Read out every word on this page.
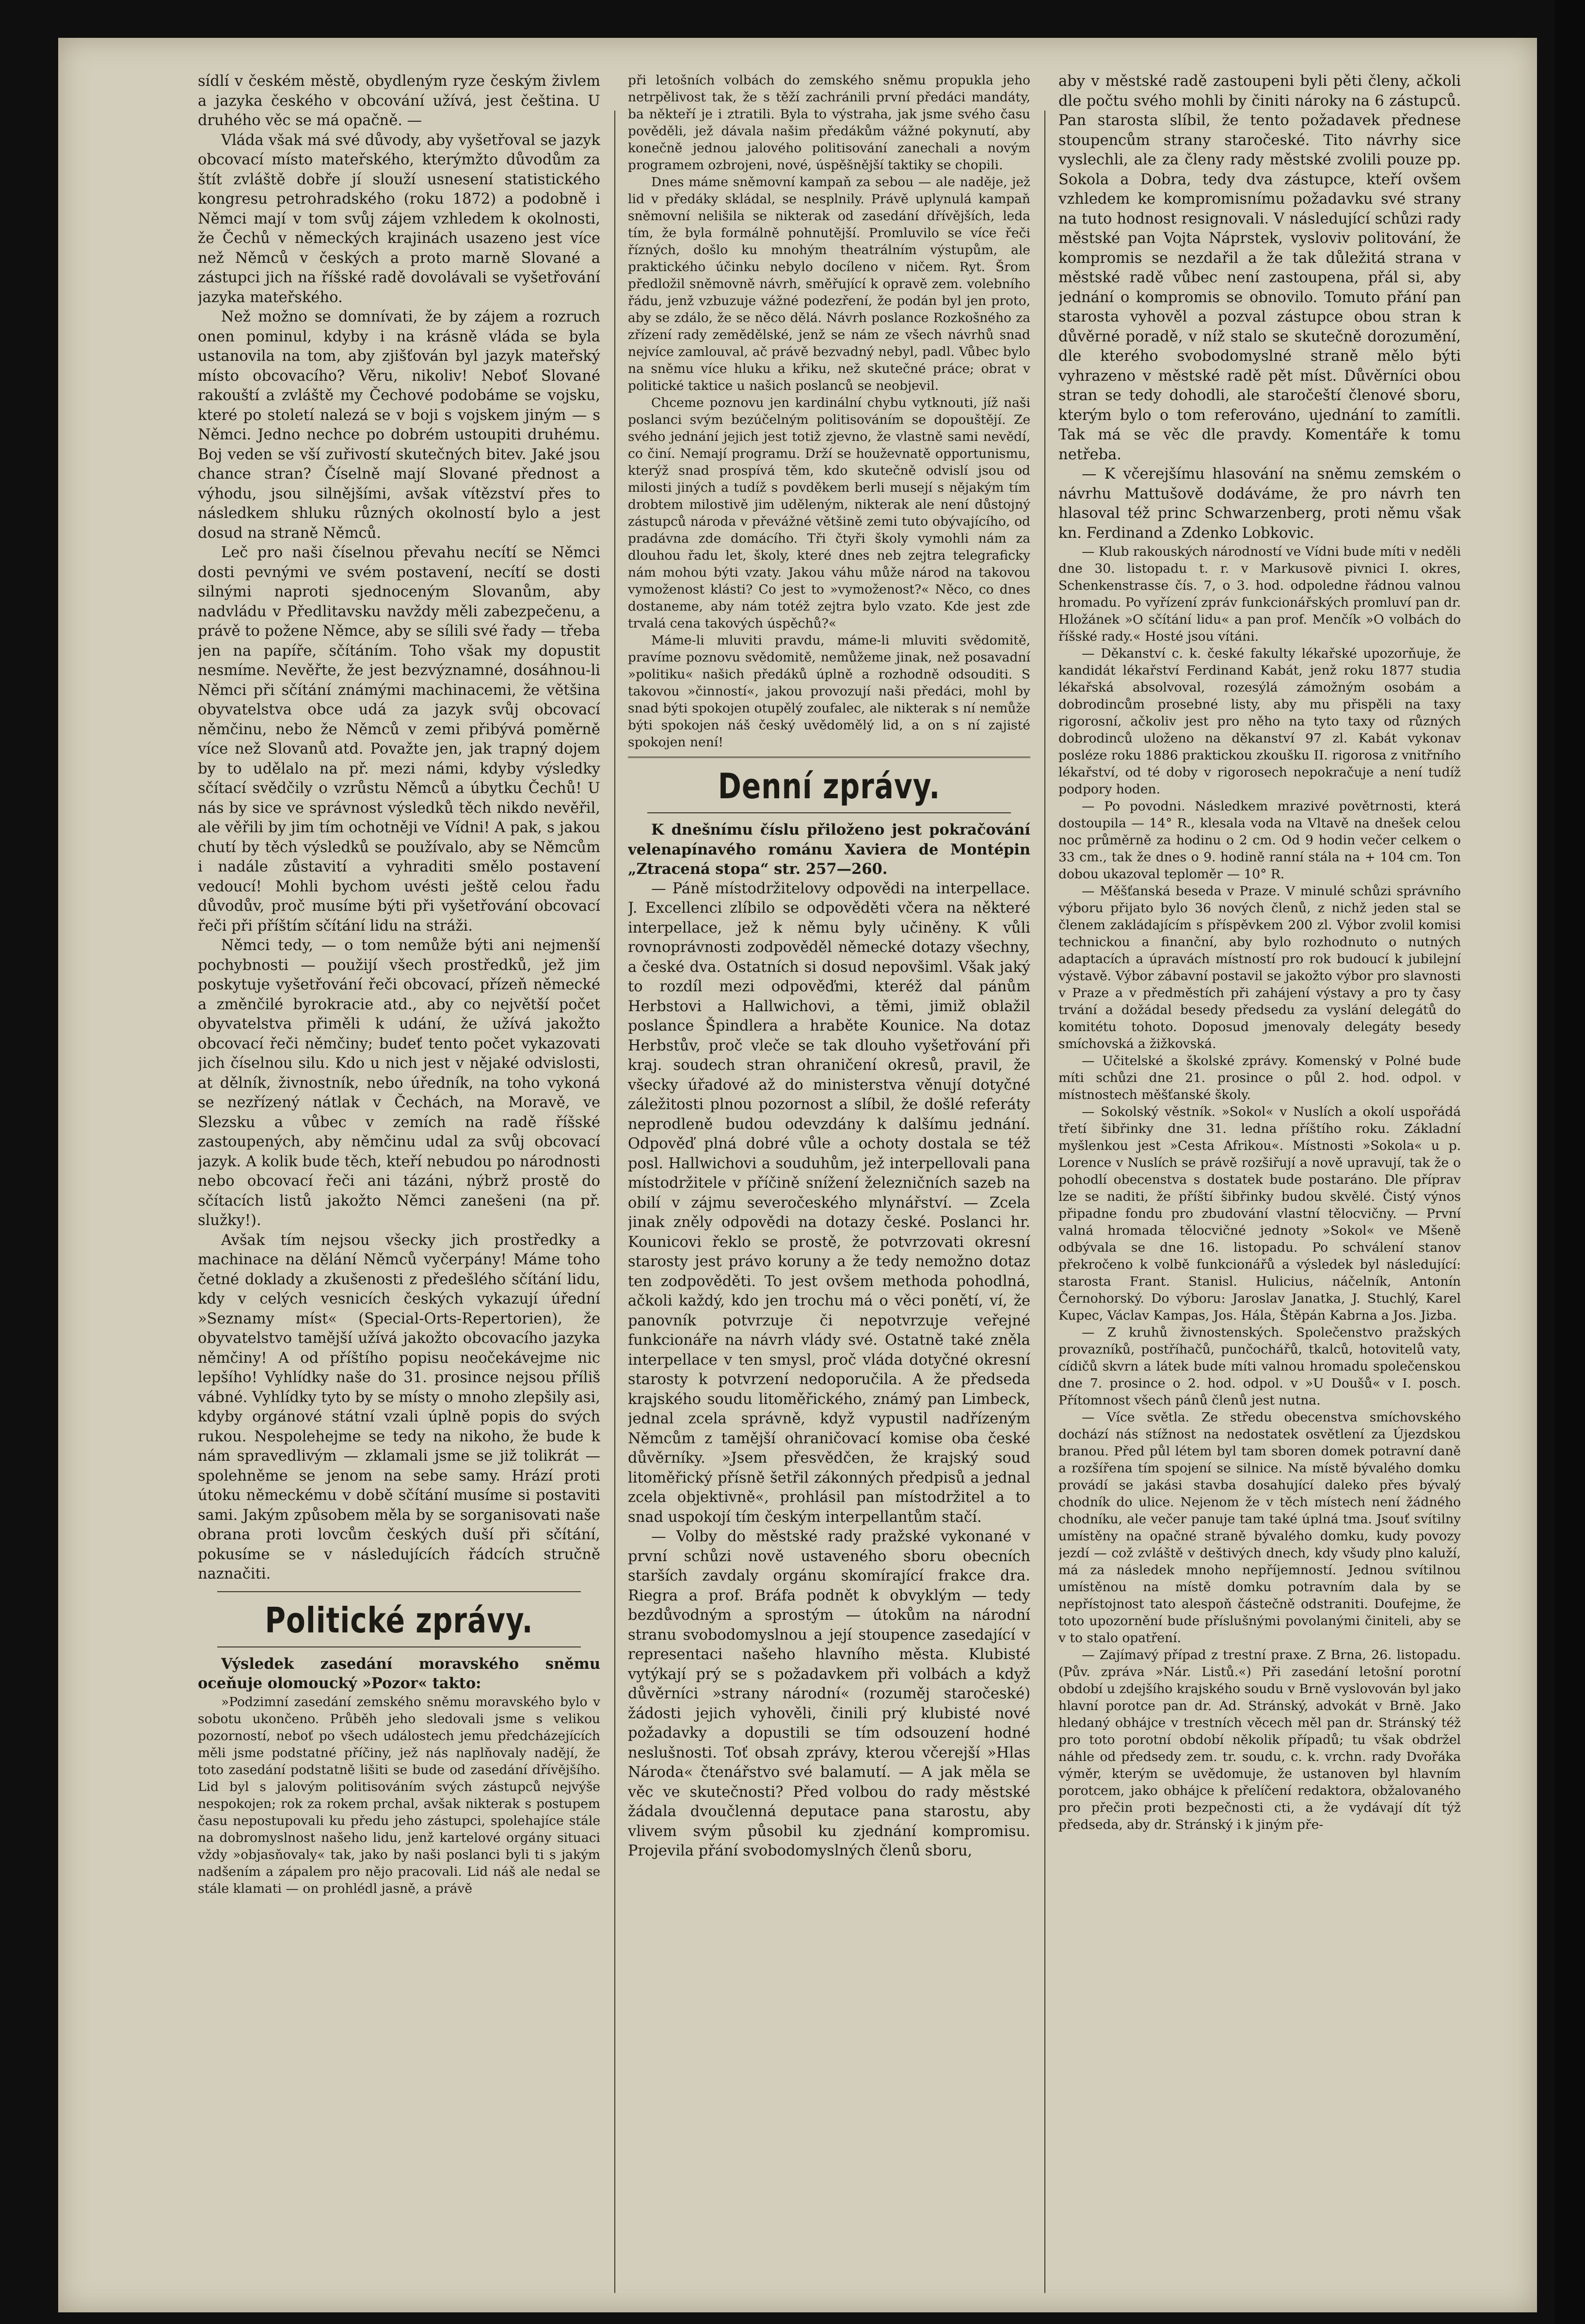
sídlí v českém městě, obydleným ryze českým živlem a jazyka českého v obcování užívá, jest čeština. U druhého věc se má opačně. —

Vláda však má své důvody, aby vyšetřoval se jazyk obcovací místo mateřského, kterýmžto důvodům za štít zvláště dobře jí slouží usnesení statistického kongresu petrohradského (roku 1872) a podobně i Němci mají v tom svůj zájem vzhledem k okolnosti, že Čechů v německých krajinách usazeno jest více než Němců v českých a proto marně Slované a zástupci jich na říšské radě dovolávali se vyšetřování jazyka mateřského.

Než možno se domnívati, že by zájem a rozruch onen pominul, kdyby i na krásně vláda se byla ustanovila na tom, aby zjišťován byl jazyk mateřský místo obcovacího? Věru, nikoliv! Neboť Slované rakouští a zvláště my Čechové podobáme se vojsku, které po století nalezá se v boji s vojskem jiným — s Němci. Jedno nechce po dobrém ustoupiti druhému. Boj veden se vší zuřivostí skutečných bitev. Jaké jsou chance stran? Číselně mají Slované přednost a výhodu, jsou silnějšími, avšak vítězství přes to následkem shluku různých okolností bylo a jest dosud na straně Němců.

Leč pro naši číselnou převahu necítí se Němci dosti pevnými ve svém postavení, necítí se dosti silnými naproti sjednoceným Slovanům, aby nadvládu v Předlitavsku navždy měli zabezpečenu, a právě to požene Němce, aby se sílili své řady — třeba jen na papíře, sčítáním. Toho však my dopustit nesmíme. Nevěřte, že jest bezvýznamné, dosáhnou-li Němci při sčítání známými machinacemi, že většina obyvatelstva obce udá za jazyk svůj obcovací němčinu, nebo že Němců v zemi přibývá poměrně více než Slovanů atd. Považte jen, jak trapný dojem by to udělalo na př. mezi námi, kdyby výsledky sčítací svědčily o vzrůstu Němců a úbytku Čechů! U nás by sice ve správnost výsledků těch nikdo nevěřil, ale věřili by jim tím ochotněji ve Vídni! A pak, s jakou chutí by těch výsledků se používalo, aby se Němcům i nadále zůstavití a vyhraditi smělo postavení vedoucí! Mohli bychom uvésti ještě celou řadu důvodův, proč musíme býti při vyšetřování obcovací řeči při příštím sčítání lidu na stráži.

Němci tedy, — o tom nemůže býti ani nejmenší pochybnosti — použijí všech prostředků, jež jim poskytuje vyšetřování řeči obcovací, přízeň německé a změnčilé byrokracie atd., aby co největší počet obyvatelstva přiměli k udání, že užívá jakožto obcovací řeči němčiny; budeť tento počet vykazovati jich číselnou silu. Kdo u nich jest v nějaké odvislosti, at dělník, živnostník, nebo úředník, na toho vykoná se nezřízený nátlak v Čechách, na Moravě, ve Slezsku a vůbec v zemích na radě říšské zastoupených, aby němčinu udal za svůj obcovací jazyk. A kolik bude těch, kteří nebudou po národnosti nebo obcovací řeči ani tázáni, nýbrž prostě do sčítacích listů jakožto Němci zanešeni (na př. služky!).

Avšak tím nejsou všecky jich prostředky a machinace na dělání Němců vyčerpány! Máme toho četné doklady a zkušenosti z předešlého sčítání lidu, kdy v celých vesnicích českých vykazují úřední »Seznamy míst« (Special-Orts-Repertorien), že obyvatelstvo tamější užívá jakožto obcovacího jazyka němčiny! A od příštího popisu neočekávejme nic lepšího! Vyhlídky naše do 31. prosince nejsou příliš vábné. Vyhlídky tyto by se místy o mnoho zlepšily asi, kdyby orgánové státní vzali úplně popis do svých rukou. Nespolehejme se tedy na nikoho, že bude k nám spravedlivým — zklamali jsme se již tolikrát — spolehněme se jenom na sebe samy. Hrází proti útoku německému v době sčítání musíme si postaviti sami. Jakým způsobem měla by se sorganisovati naše obrana proti lovcům českých duší při sčítání, pokusíme se v následujících řádcích stručně naznačiti.

Politické zprávy.

Výsledek zasedání moravského sněmu oceňuje olomoucký »Pozor« takto:

»Podzimní zasedání zemského sněmu moravského bylo v sobotu ukončeno. Průběh jeho sledovali jsme s velikou pozorností, neboť po všech událostech jemu předcházejících měli jsme podstatné příčiny, jež nás naplňovaly nadějí, že toto zasedání podstatně lišiti se bude od zasedání dřívějšího. Lid byl s jalovým politisováním svých zástupců nejvýše nespokojen; rok za rokem prchal, avšak nikterak s postupem času nepostupovali ku předu jeho zástupci, spolehajíce stále na dobromyslnost našeho lidu, jenž kartelové orgány situaci vždy »objasňovaly« tak, jako by naši poslanci byli ti s jakým nadšením a zápalem pro nějo pracovali. Lid náš ale nedal se stále klamati — on prohlédl jasně, a právě

při letošních volbách do zemského sněmu propukla jeho netrpělivost tak, že s těží zachránili první předáci mandáty, ba někteří je i ztratili. Byla to výstraha, jak jsme svého času pověděli, jež dávala našim předákům vážné pokynutí, aby konečně jednou jalového politisování zanechali a novým programem ozbrojeni, nové, úspěšnější taktiky se chopili.

Dnes máme sněmovní kampaň za sebou — ale naděje, jež lid v předáky skládal, se nesplnily. Právě uplynulá kampaň sněmovní nelišila se nikterak od zasedání dřívějších, leda tím, že byla formálně pohnutější. Promluvilo se více řeči řízných, došlo ku mnohým theatrálním výstupům, ale praktického účinku nebylo docíleno v ničem. Ryt. Šrom předložil sněmovně návrh, směřující k opravě zem. volebního řádu, jenž vzbuzuje vážné podezření, že podán byl jen proto, aby se zdálo, že se něco dělá. Návrh poslance Rozkošného za zřízení rady zemědělské, jenž se nám ze všech návrhů snad nejvíce zamlouval, ač právě bezvadný nebyl, padl. Vůbec bylo na sněmu více hluku a křiku, než skutečné práce; obrat v politické taktice u našich poslanců se neobjevil.

Chceme poznovu jen kardinální chybu vytknouti, jíž naši poslanci svým bezúčelným politisováním se dopouštějí. Ze svého jednání jejich jest totiž zjevno, že vlastně sami nevědí, co činí. Nemají programu. Drží se houževnatě opportunismu, kterýž snad prospívá těm, kdo skutečně odvislí jsou od milosti jiných a tudíž s povděkem berli musejí s nějakým tím drobtem milostivě jim uděleným, nikterak ale není důstojný zástupců národa v převážné většině zemi tuto obývajícího, od pradávna zde domácího. Tři čtyři školy vymohli nám za dlouhou řadu let, školy, které dnes neb zejtra telegraficky nám mohou býti vzaty. Jakou váhu může národ na takovou vymoženost klásti? Co jest to »vymoženost?« Něco, co dnes dostaneme, aby nám totéž zejtra bylo vzato. Kde jest zde trvalá cena takových úspěchů?«

Máme-li mluviti pravdu, máme-li mluviti svědomitě, pravíme poznovu svědomitě, nemůžeme jinak, než posavadní »politiku« našich předáků úplně a rozhodně odsouditi. S takovou »činností«, jakou provozují naši předáci, mohl by snad býti spokojen otupělý zoufalec, ale nikterak s ní nemůže býti spokojen náš český uvědomělý lid, a on s ní zajisté spokojen není!

Denní zprávy.

K dnešnímu číslu přiloženo jest pokračování velenapínavého románu Xaviera de Montépin „Ztracená stopa“ str. 257—260.

— Páně místodržitelovy odpovědi na interpellace. J. Excellenci zlíbilo se odpověděti včera na některé interpellace, jež k němu byly učiněny. K vůli rovnoprávnosti zodpověděl německé dotazy všechny, a české dva. Ostatních si dosud nepovšiml. Však jaký to rozdíl mezi odpověďmi, kteréž dal pánům Herbstovi a Hallwichovi, a těmi, jimiž oblažil poslance Špindlera a hraběte Kounice. Na dotaz Herbstův, proč vleče se tak dlouho vyšetřování při kraj. soudech stran ohraničení okresů, pravil, že všecky úřadové až do ministerstva věnují dotyčné záležitosti plnou pozornost a slíbil, že došlé referáty neprodleně budou odevzdány k dalšímu jednání. Odpověď plná dobré vůle a ochoty dostala se též posl. Hallwichovi a souduhům, jež interpellovali pana místodržitele v příčině snížení železničních sazeb na obilí v zájmu severočeského mlynářství. — Zcela jinak zněly odpovědi na dotazy české. Poslanci hr. Kounicovi řeklo se prostě, že potvrzovati okresní starosty jest právo koruny a že tedy nemožno dotaz ten zodpověděti. To jest ovšem methoda pohodlná, ačkoli každý, kdo jen trochu má o věci ponětí, ví, že panovník potvrzuje či nepotvrzuje veřejné funkcionáře na návrh vlády své. Ostatně také zněla interpellace v ten smysl, proč vláda dotyčné okresní starosty k potvrzení nedoporučila. A že předseda krajského soudu litoměřického, známý pan Limbeck, jednal zcela správně, když vypustil nadřízeným Němcům z tamější ohraničovací komise oba české důvěrníky. »Jsem přesvědčen, že krajský soud litoměřický přísně šetřil zákonných předpisů a jednal zcela objektivně«, prohlásil pan místodržitel a to snad uspokojí tím českým interpellantům stačí.

— Volby do městské rady pražské vykonané v první schůzi nově ustaveného sboru obecních starších zavdaly orgánu skomírající frakce dra. Riegra a prof. Bráfa podnět k obvyklým — tedy bezdůvodným a sprostým — útokům na národní stranu svobodomyslnou a její stoupence zasedající v representaci našeho hlavního města. Klubisté vytýkají prý se s požadavkem při volbách a když důvěrníci »strany národní« (rozuměj staročeské) žádosti jejich vyhověli, činili prý klubisté nové požadavky a dopustili se tím odsouzení hodné neslušnosti. Toť obsah zprávy, kterou včerejší »Hlas Národa« čtenářstvo své balamutí. — A jak měla se věc ve skutečnosti? Před volbou do rady městské žádala dvoučlenná deputace pana starostu, aby vlivem svým působil ku zjednání kompromisu. Projevila přání svobodomyslných členů sboru,

aby v městské radě zastoupeni byli pěti členy, ačkoli dle počtu svého mohli by činiti nároky na 6 zástupců. Pan starosta slíbil, že tento požadavek přednese stoupencům strany staročeské. Tito návrhy sice vyslechli, ale za členy rady městské zvolili pouze pp. Sokola a Dobra, tedy dva zástupce, kteří ovšem vzhledem ke kompromisnímu požadavku své strany na tuto hodnost resignovali. V následující schůzi rady městské pan Vojta Náprstek, vysloviv politování, že kompromis se nezdařil a že tak důležitá strana v městské radě vůbec není zastoupena, přál si, aby jednání o kompromis se obnovilo. Tomuto přání pan starosta vyhověl a pozval zástupce obou stran k důvěrné poradě, v níž stalo se skutečně dorozumění, dle kterého svobodomyslné straně mělo býti vyhrazeno v městské radě pět míst. Důvěrníci obou stran se tedy dohodli, ale staročeští členové sboru, kterým bylo o tom referováno, ujednání to zamítli. Tak má se věc dle pravdy. Komentáře k tomu netřeba.

— K včerejšímu hlasování na sněmu zemském o návrhu Mattušově dodáváme, že pro návrh ten hlasoval též princ Schwarzenberg, proti němu však kn. Ferdinand a Zdenko Lobkovic.

— Klub rakouských národností ve Vídni bude míti v neděli dne 30. listopadu t. r. v Markusově pivnici I. okres, Schenkenstrasse čís. 7, o 3. hod. odpoledne řádnou valnou hromadu. Po vyřízení zpráv funkcionářských promluví pan dr. Hložánek »O sčítání lidu« a pan prof. Menčík »O volbách do říšské rady.« Hosté jsou vítáni.

— Děkanství c. k. české fakulty lékařské upozorňuje, že kandidát lékařství Ferdinand Kabát, jenž roku 1877 studia lékařská absolvoval, rozesýlá zámožným osobám a dobrodincům prosebné listy, aby mu přispěli na taxy rigorosní, ačkoliv jest pro něho na tyto taxy od různých dobrodinců uloženo na děkanství 97 zl. Kabát vykonav posléze roku 1886 praktickou zkoušku II. rigorosa z vnitřního lékařství, od té doby v rigorosech nepokračuje a není tudíž podpory hoden.

— Po povodni. Následkem mrazivé povětrnosti, která dostoupila — 14° R., klesala voda na Vltavě na dnešek celou noc průměrně za hodinu o 2 cm. Od 9 hodin večer celkem o 33 cm., tak že dnes o 9. hodině ranní stála na + 104 cm. Ton dobou ukazoval teploměr — 10° R.

— Měšťanská beseda v Praze. V minulé schůzi správního výboru přijato bylo 36 nových členů, z nichž jeden stal se členem zakládajícím s příspěvkem 200 zl. Výbor zvolil komisi technickou a finanční, aby bylo rozhodnuto o nutných adaptacích a úpravách místností pro rok budoucí k jubilejní výstavě. Výbor zábavní postavil se jakožto výbor pro slavnosti v Praze a v předměstích při zahájení výstavy a pro ty časy trvání a dožádal besedy předsedu za vyslání delegátů do komitétu tohoto. Doposud jmenovaly delegáty besedy smíchovská a žižkovská.

— Učitelské a školské zprávy. Komenský v Polné bude míti schůzi dne 21. prosince o půl 2. hod. odpol. v místnostech měšťanské školy.

— Sokolský věstník. »Sokol« v Nuslích a okolí uspořádá třetí šibřinky dne 31. ledna příštího roku. Základní myšlenkou jest »Cesta Afrikou«. Místnosti »Sokola« u p. Lorence v Nuslích se právě rozšiřují a nově upravují, tak že o pohodlí obecenstva s dostatek bude postaráno. Dle příprav lze se naditi, že příští šibřinky budou skvělé. Čistý výnos připadne fondu pro zbudování vlastní tělocvičny. — První valná hromada tělocvičné jednoty »Sokol« ve Mšeně odbývala se dne 16. listopadu. Po schválení stanov překročeno k volbě funkcionářů a výsledek byl následující: starosta Frant. Stanisl. Hulicius, náčelník, Antonín Černohorský. Do výboru: Jaroslav Janatka, J. Stuchlý, Karel Kupec, Václav Kampas, Jos. Hála, Štěpán Kabrna a Jos. Jizba.

— Z kruhů živnostenských. Společenstvo pražských provazníků, postříhačů, punčochářů, tkalců, hotovitelů vaty, cídičů skvrn a látek bude míti valnou hromadu společenskou dne 7. prosince o 2. hod. odpol. v »U Doušů« v I. posch. Přítomnost všech pánů členů jest nutna.

— Více světla. Ze středu obecenstva smíchovského dochází nás stížnost na nedostatek osvětlení za Újezdskou branou. Před půl létem byl tam sboren domek potravní daně a rozšířena tím spojení se silnice. Na místě bývalého domku provádí se jakási stavba dosahující daleko přes bývalý chodník do ulice. Nejenom že v těch místech není žádného chodníku, ale večer panuje tam také úplná tma. Jsouť svítilny umístěny na opačné straně bývalého domku, kudy povozy jezdí — což zvláště v deštivých dnech, kdy všudy plno kaluží, má za následek mnoho nepříjemností. Jednou svítilnou umístěnou na místě domku potravním dala by se nepřístojnost tato alespoň částečně odstraniti. Doufejme, že toto upozornění bude příslušnými povolanými činiteli, aby se v to stalo opatření.

— Zajímavý případ z trestní praxe. Z Brna, 26. listopadu. (Pův. zpráva »Nár. Listů.«) Při zasedání letošní porotní období u zdejšího krajského soudu v Brně vyslovován byl jako hlavní porotce pan dr. Ad. Stránský, advokát v Brně. Jako hledaný obhájce v trestních věcech měl pan dr. Stránský též pro toto porotní období několik případů; tu však obdržel náhle od předsedy zem. tr. soudu, c. k. vrchn. rady Dvořáka výměr, kterým se uvědomuje, že ustanoven byl hlavním porotcem, jako obhájce k přelíčení redaktora, obžalovaného pro přečin proti bezpečnosti cti, a že vydávají dít týž předseda, aby dr. Stránský i k jiným pře-
